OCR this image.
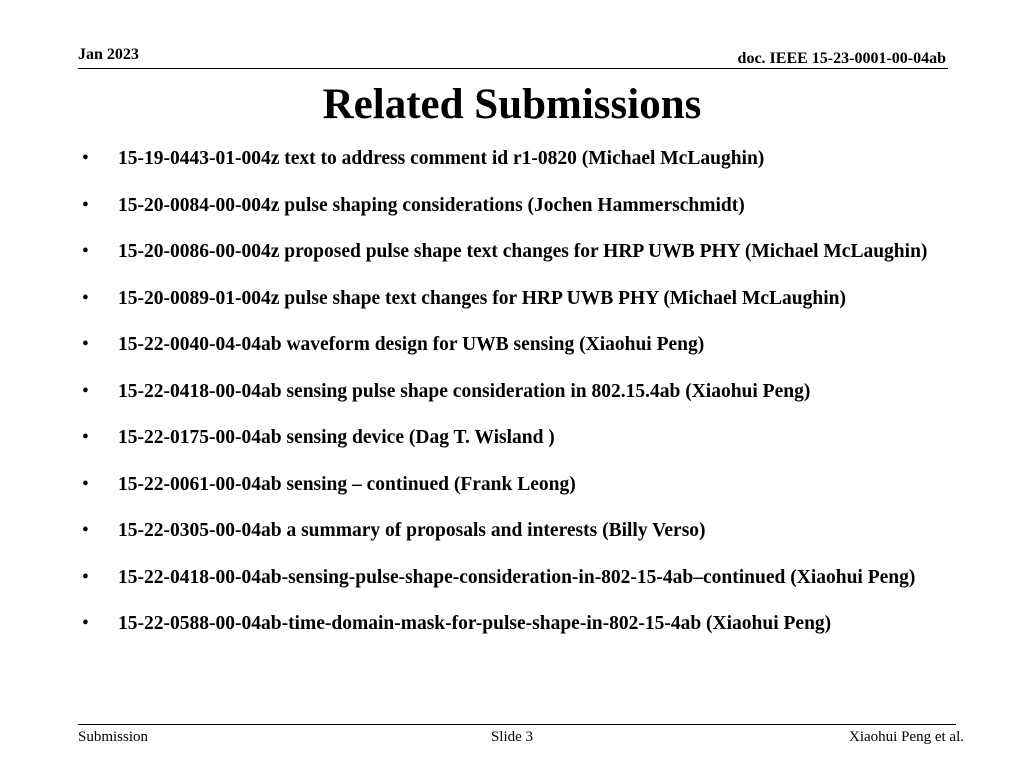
Jan 2023	doc. IEEE 15-23-0001-00-04ab
Related Submissions
• 15-19-0443-01-004z text to address comment id r1-0820 (Michael McLaughin)
• 15-20-0084-00-004z pulse shaping considerations (Jochen Hammerschmidt)
• 15-20-0086-00-004z proposed pulse shape text changes for HRP UWB PHY (Michael McLaughin)
• 15-20-0089-01-004z pulse shape text changes for HRP UWB PHY (Michael McLaughin)
• 15-22-0040-04-04ab waveform design for UWB sensing (Xiaohui Peng)
• 15-22-0418-00-04ab sensing pulse shape consideration in 802.15.4ab (Xiaohui Peng)
• 15-22-0175-00-04ab sensing device (Dag T. Wisland )
• 15-22-0061-00-04ab sensing – continued (Frank Leong)
• 15-22-0305-00-04ab a summary of proposals and interests (Billy Verso)
• 15-22-0418-00-04ab-sensing-pulse-shape-consideration-in-802-15-4ab–continued (Xiaohui Peng)
• 15-22-0588-00-04ab-time-domain-mask-for-pulse-shape-in-802-15-4ab (Xiaohui Peng)
Submission	Slide 3	Xiaohui Peng et al.
